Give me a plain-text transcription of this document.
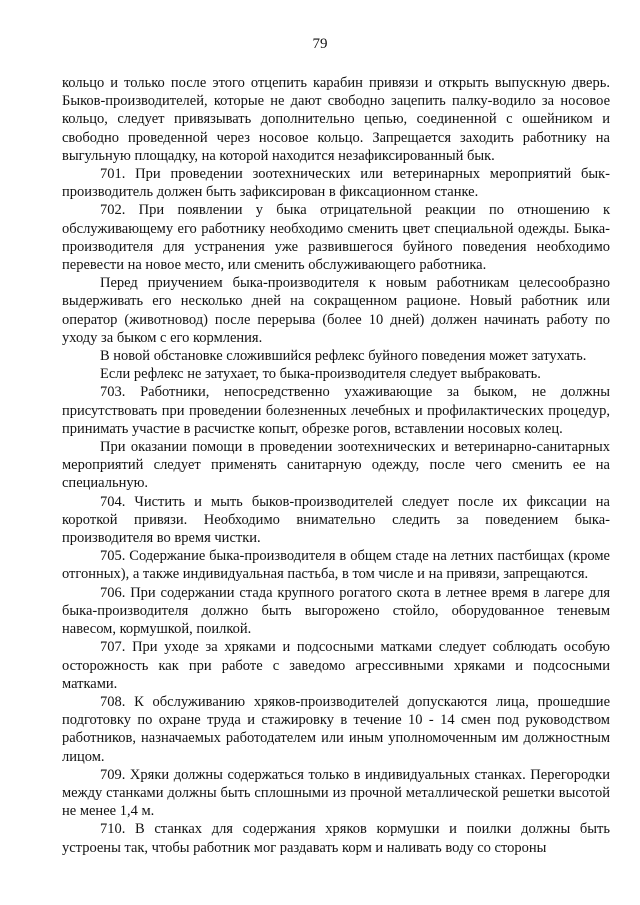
79

кольцо и только после этого отцепить карабин привязи и открыть выпускную дверь. Быков-производителей, которые не дают свободно зацепить палку-водило за носовое кольцо, следует привязывать дополнительно цепью, соединенной с ошейником и свободно проведенной через носовое кольцо. Запрещается заходить работнику на выгульную площадку, на которой находится незафиксированный бык.

701. При проведении зоотехнических или ветеринарных мероприятий бык-производитель должен быть зафиксирован в фиксационном станке.

702. При появлении у быка отрицательной реакции по отношению к обслуживающему его работнику необходимо сменить цвет специальной одежды. Быка-производителя для устранения уже развившегося буйного поведения необходимо перевести на новое место, или сменить обслуживающего работника.

Перед приучением быка-производителя к новым работникам целесообразно выдерживать его несколько дней на сокращенном рационе. Новый работник или оператор (животновод) после перерыва (более 10 дней) должен начинать работу по уходу за быком с его кормления.

В новой обстановке сложившийся рефлекс буйного поведения может затухать.

Если рефлекс не затухает, то быка-производителя следует выбраковать.

703. Работники, непосредственно ухаживающие за быком, не должны присутствовать при проведении болезненных лечебных и профилактических процедур, принимать участие в расчистке копыт, обрезке рогов, вставлении носовых колец.

При оказании помощи в проведении зоотехнических и ветеринарно-санитарных мероприятий следует применять санитарную одежду, после чего сменить ее на специальную.

704. Чистить и мыть быков-производителей следует после их фиксации на короткой привязи. Необходимо внимательно следить за поведением быка-производителя во время чистки.

705. Содержание быка-производителя в общем стаде на летних пастбищах (кроме отгонных), а также индивидуальная пастьба, в том числе и на привязи, запрещаются.

706. При содержании стада крупного рогатого скота в летнее время в лагере для быка-производителя должно быть выгорожено стойло, оборудованное теневым навесом, кормушкой, поилкой.

707. При уходе за хряками и подсосными матками следует соблюдать особую осторожность как при работе с заведомо агрессивными хряками и подсосными матками.

708. К обслуживанию хряков-производителей допускаются лица, прошедшие подготовку по охране труда и стажировку в течение 10 - 14 смен под руководством работников, назначаемых работодателем или иным уполномоченным им должностным лицом.

709. Хряки должны содержаться только в индивидуальных станках. Перегородки между станками должны быть сплошными из прочной металлической решетки высотой не менее 1,4 м.

710. В станках для содержания хряков кормушки и поилки должны быть устроены так, чтобы работник мог раздавать корм и наливать воду со стороны
